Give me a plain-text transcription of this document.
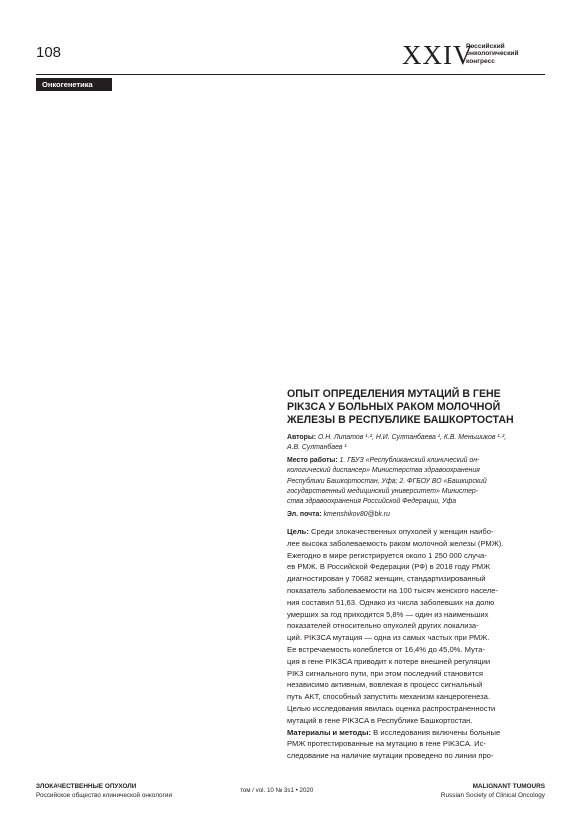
108	XXIV
Российский
онкологический
конгресс
Онкогенетика
ОПЫТ ОПРЕДЕЛЕНИЯ МУТАЦИЙ В ГЕНЕ
PIK3CA У БОЛЬНЫХ РАКОМ МОЛОЧНОЙ
ЖЕЛЕЗЫ В РЕСПУБЛИКЕ БАШКОРТОСТАН
Авторы: О.Н. Липатов ¹·², Н.И. Султанбаева ¹, К.В. Меньшиков ¹·²,
А.В. Султанбаев ¹
Место работы: 1. ГБУЗ «Республиканский клинический он-
кологический диспансер» Министерства здравоохранения
Республики Башкортостан, Уфа; 2. ФГБОУ ВО «Башкирский
государственный медицинский университет» Министер-
ства здравоохранения Российской Федерации, Уфа
Эл. почта: kmenshikov80@bk.ru
Цель: Среди злокачественных опухолей у женщин наибо-
лее высока заболеваемость раком молочной железы (РМЖ).
Ежегодно в мире регистрируется около 1 250 000 случа-
ев РМЖ. В Российской Федерации (РФ) в 2018 году РМЖ
диагностирован у 70682 женщин, стандартизированный
показатель заболеваемости на 100 тысяч женского населе-
ния составил 51,63. Однако из числа заболевших на долю
умерших за год приходится 5,8% — один из наименьших
показателей относительно опухолей других локализа-
ций. PIK3CA мутация — одна из самых частых при РМЖ.
Ее встречаемость колеблется от 16,4% до 45,0%. Мута-
ция в гене PIK3CA приводит к потере внешней регуляции
PIK3 сигнального пути, при этом последний становится
независимо активным, вовлекая в процесс сигнальный
путь AKT, способный запустить механизм канцерогенеза.
Целью исследования явилась оценка распространенности
мутаций в гене PIK3CA в Республике Башкортостан.
Материалы и методы: В исследования включены больные
РМЖ протестированные на мутацию в гене PIK3CA. Ис-
следование на наличие мутации проведено по линии про-
ЗЛОКАЧЕСТВЕННЫЕ ОПУХОЛИ
Российское общество клинической онкологии
том / vol. 10 № 3s1 • 2020
MALIGNANT TUMOURS
Russian Society of Clinical Oncology
